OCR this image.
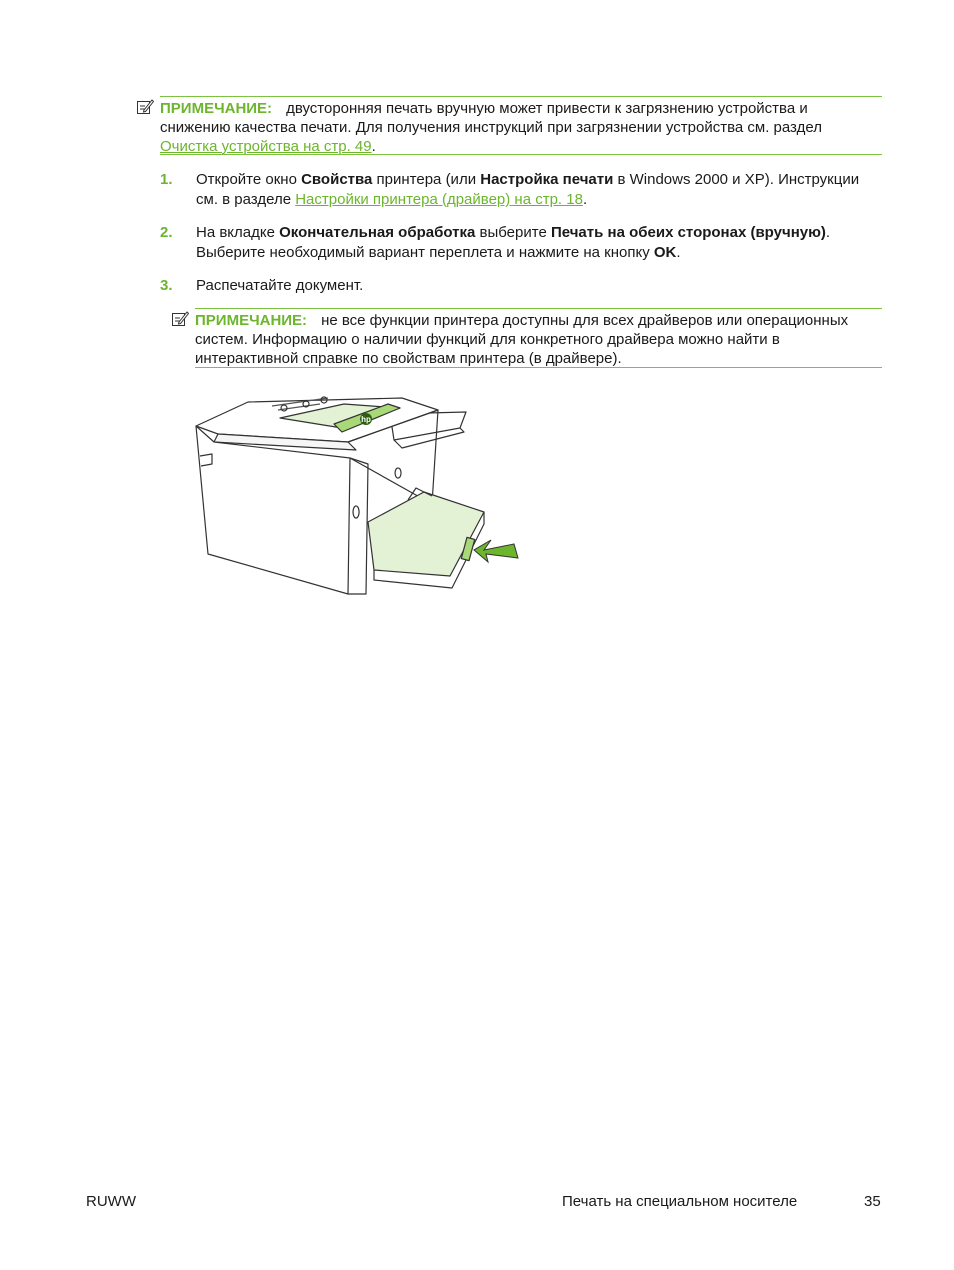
ПРИМЕЧАНИЕ: двусторонняя печать вручную может привести к загрязнению устройства и снижению качества печати. Для получения инструкций при загрязнении устройства см. раздел Очистка устройства на стр. 49.
1. Откройте окно Свойства принтера (или Настройка печати в Windows 2000 и XP). Инструкции см. в разделе Настройки принтера (драйвер) на стр. 18.
2. На вкладке Окончательная обработка выберите Печать на обеих сторонах (вручную). Выберите необходимый вариант переплета и нажмите на кнопку OK.
3. Распечатайте документ.
ПРИМЕЧАНИЕ: не все функции принтера доступны для всех драйверов или операционных систем. Информацию о наличии функций для конкретного драйвера можно найти в интерактивной справке по свойствам принтера (в драйвере).
hp
RUWW	Печать на специальном носителе	35
